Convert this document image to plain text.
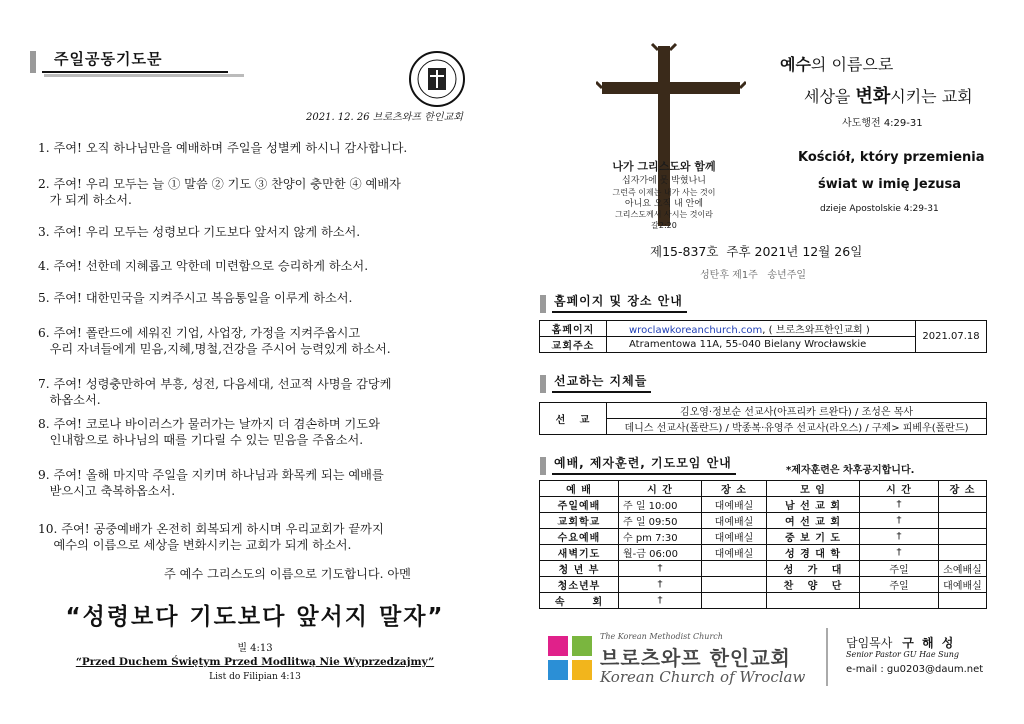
주일공동기도문
2021. 12. 26 브로츠와프 한인교회
1. 주여! 오직 하나님만을 예배하며 주일을 성별케 하시니 감사합니다.
2. 주여! 우리 모두는 늘 ① 말씀 ② 기도 ③ 찬양이 충만한 ④ 예배자
가 되게 하소서.
3. 주여! 우리 모두는 성령보다 기도보다 앞서지 않게 하소서.
4. 주여! 선한데 지혜롭고 악한데 미련함으로 승리하게 하소서.
5. 주여! 대한민국을 지켜주시고 복음통일을 이루게 하소서.
6. 주여! 폴란드에 세워진 기업, 사업장, 가정을 지켜주옵시고
우리 자녀들에게 믿음,지혜,명철,건강을 주시어 능력있게 하소서.
7. 주여! 성령충만하여 부흥, 성전, 다음세대, 선교적 사명을 감당케
하옵소서.
8. 주여! 코로나 바이러스가 물러가는 날까지 더 겸손하며 기도와
인내함으로 하나님의 때를 기다릴 수 있는 믿음을 주옵소서.
9. 주여! 올해 마지막 주일을 지키며 하나님과 화목케 되는 예배를
받으시고 축복하옵소서.
10. 주여! 공중예배가 온전히 회복되게 하시며 우리교회가 끝까지
예수의 이름으로 세상을 변화시키는 교회가 되게 하소서.
주 예수 그리스도의 이름으로 기도합니다. 아멘
“성령보다 기도보다 앞서지 말자”
빌 4:13
“Przed Duchem Świętym Przed Modlitwą Nie Wyprzedzajmy”
List do Filipian 4:13
나가 그리스도와 함께
십자가에 못 박혔나니
그런즉 이제는 내가 사는 것이
아니요 오직 내 안에
그리스도께서 사시는 것이라
갈2:20
예수의 이름으로
세상을 변화시키는 교회
사도행전 4:29-31
Kościół, który przemienia
świat w imię Jezusa
dzieje Apostolskie 4:29-31
제15-837호  주후 2021년 12월 26일
성탄후 제1주   송년주일
홈페이지 및 장소 안내
홈페이지	wroclawkoreanchurch.com, ( 브로츠와프한인교회 )	2021.07.18
교회주소	Atramentowa 11A, 55-040 Bielany Wrocławskie	
선교하는 지체들
선   교	김오영·정보순 선교사(아프리카 르완다) / 조성은 목사
데니스 선교사(폴란드) / 박종복·유영주 선교사(라오스) / 구제> 피베우(폴란드)
예배, 제자훈련, 기도모임 안내
*제자훈련은 차후공지합니다.
예 배	시 간	장 소	모 임	시 간	장 소
주일예배	주 일 10:00	대예배실	남 선 교 회	†	
교회학교	주 일 09:50	대예배실	여 선 교 회	†	
수요예배	수 pm 7:30	대예배실	중 보 기 도	†	
새벽기도	월-금 06:00	대예배실	성 경 대 학	†	
청 년 부	†		성   가   대	주일	소예배실
청소년부	†		찬   양   단	주일	대예배실
속      회	†				
The Korean Methodist Church
브로츠와프 한인교회
Korean Church of Wroclaw
담임목사 구 해 성
Senior Pastor GU Hae Sung
e-mail : gu0203@daum.net
